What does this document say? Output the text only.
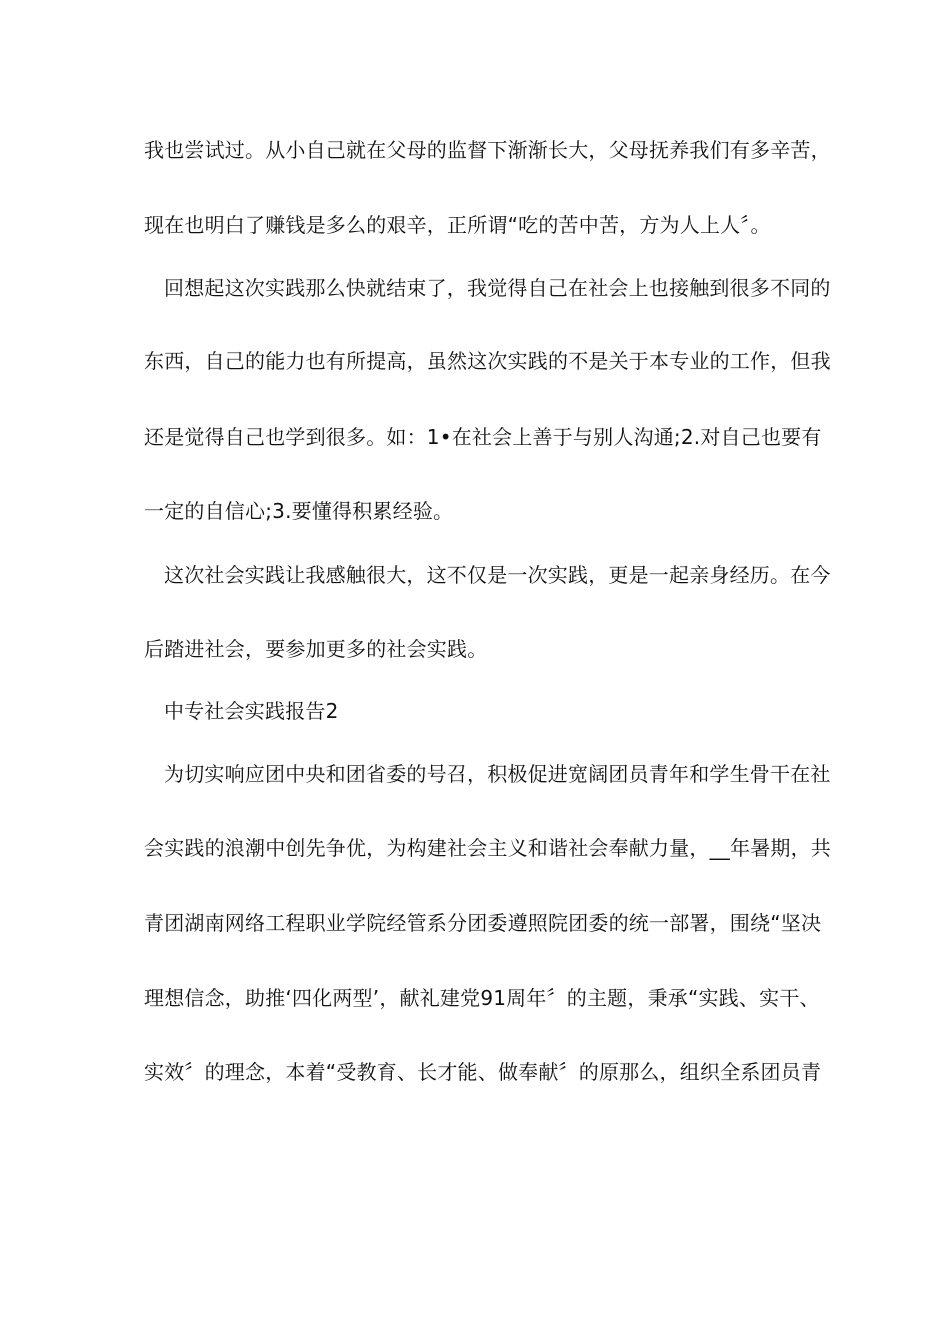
我也尝试过。从小自己就在父母的监督下渐渐长大，父母抚养我们有多辛苦，
现在也明白了赚钱是多么的艰辛，正所谓“吃的苦中苦，方为人上人〞。
回想起这次实践那么快就结束了，我觉得自己在社会上也接触到很多不同的
东西，自己的能力也有所提高，虽然这次实践的不是关于本专业的工作，但我
还是觉得自己也学到很多。如：1•在社会上善于与别人沟通;2.对自己也要有
一定的自信心;3.要懂得积累经验。
这次社会实践让我感触很大，这不仅是一次实践，更是一起亲身经历。在今
后踏进社会，要参加更多的社会实践。
中专社会实践报告2
为切实响应团中央和团省委的号召，积极促进宽阔团员青年和学生骨干在社
会实践的浪潮中创先争优，为构建社会主义和谐社会奉献力量，__年暑期，共
青团湖南网络工程职业学院经管系分团委遵照院团委的统一部署，围绕“坚决
理想信念，助推‘四化两型’，献礼建党91周年〞的主题，秉承“实践、实干、
实效〞的理念，本着“受教育、长才能、做奉献〞的原那么，组织全系团员青
